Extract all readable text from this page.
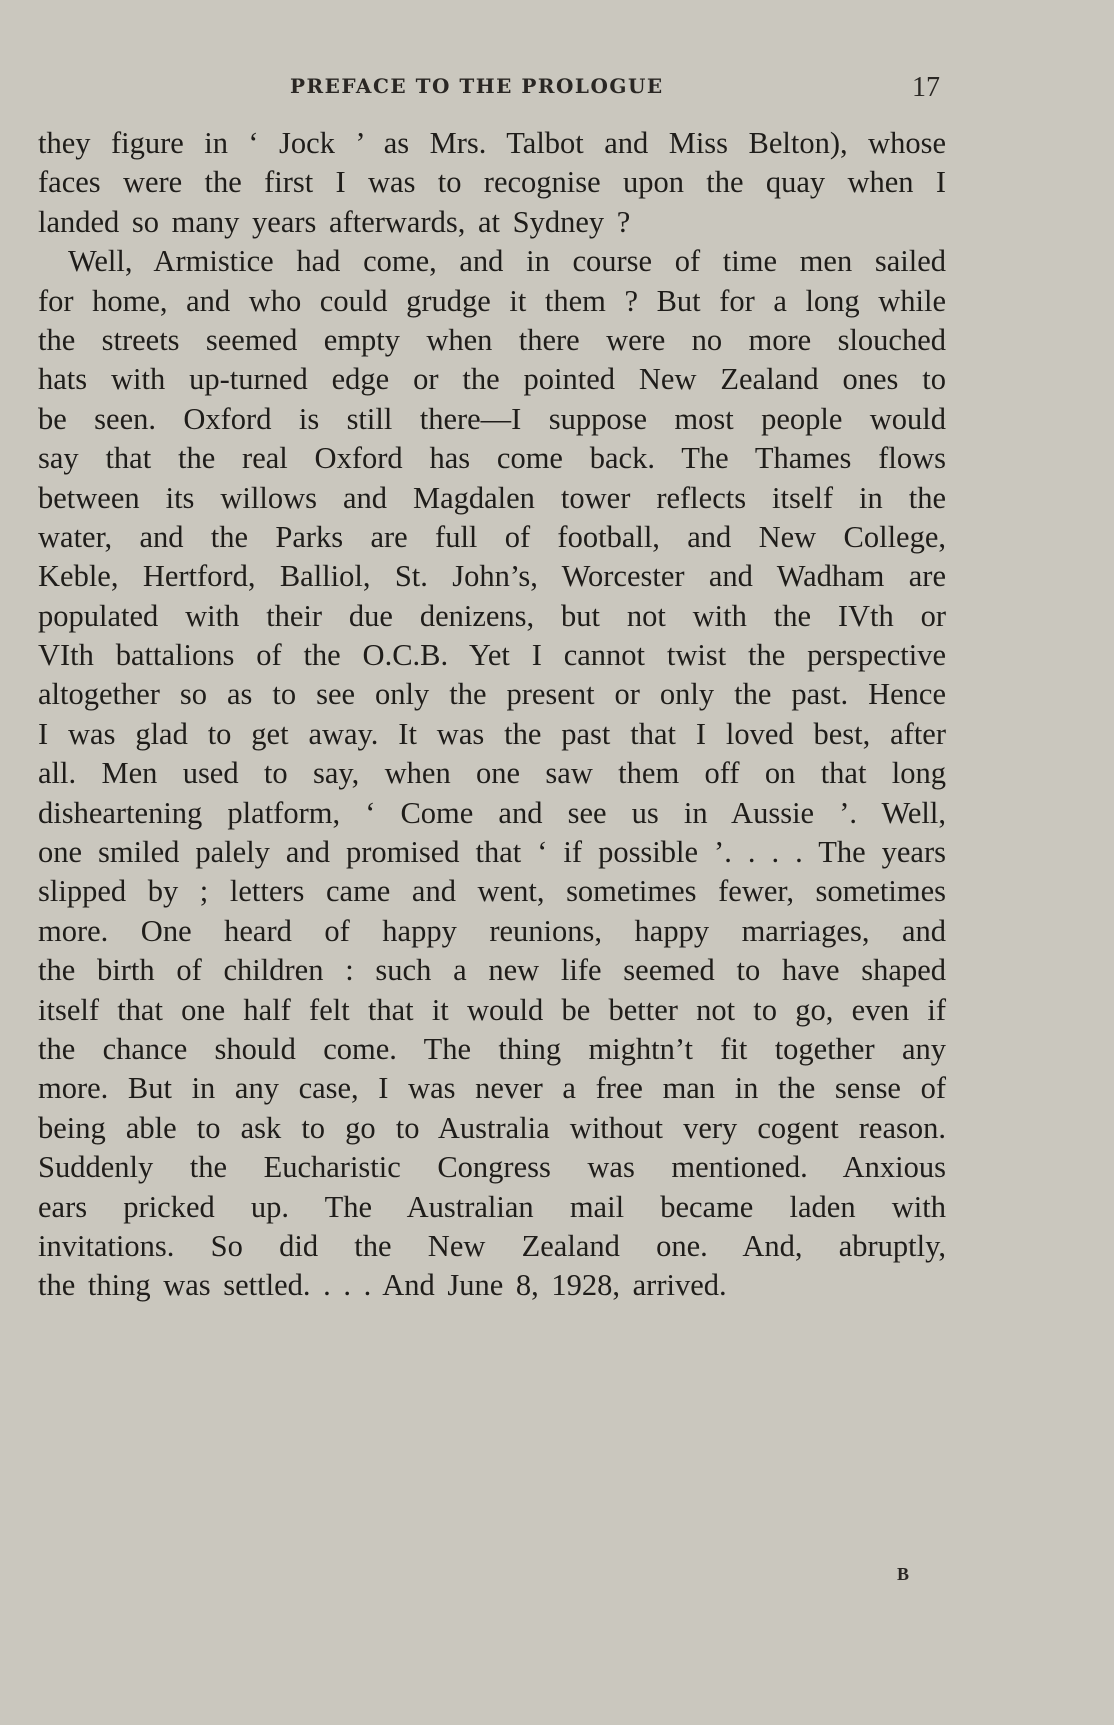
PREFACE TO THE PROLOGUE	17
they figure in ‘ Jock ’ as Mrs. Talbot and Miss Belton), whose
faces were the first I was to recognise upon the quay when I
landed so many years afterwards, at Sydney ?
Well, Armistice had come, and in course of time men sailed
for home, and who could grudge it them ? But for a long while
the streets seemed empty when there were no more slouched
hats with up-turned edge or the pointed New Zealand ones to
be seen. Oxford is still there—I suppose most people would
say that the real Oxford has come back. The Thames flows
between its willows and Magdalen tower reflects itself in the
water, and the Parks are full of football, and New College,
Keble, Hertford, Balliol, St. John’s, Worcester and Wadham are
populated with their due denizens, but not with the IVth or
VIth battalions of the O.C.B. Yet I cannot twist the perspective
altogether so as to see only the present or only the past. Hence
I was glad to get away. It was the past that I loved best, after
all. Men used to say, when one saw them off on that long
disheartening platform, ‘ Come and see us in Aussie ’. Well,
one smiled palely and promised that ‘ if possible ’. . . . The years
slipped by ; letters came and went, sometimes fewer, sometimes
more. One heard of happy reunions, happy marriages, and
the birth of children : such a new life seemed to have shaped
itself that one half felt that it would be better not to go, even if
the chance should come. The thing mightn’t fit together any
more. But in any case, I was never a free man in the sense of
being able to ask to go to Australia without very cogent reason.
Suddenly the Eucharistic Congress was mentioned. Anxious
ears pricked up. The Australian mail became laden with
invitations. So did the New Zealand one. And, abruptly,
the thing was settled. . . . And June 8, 1928, arrived.
B
